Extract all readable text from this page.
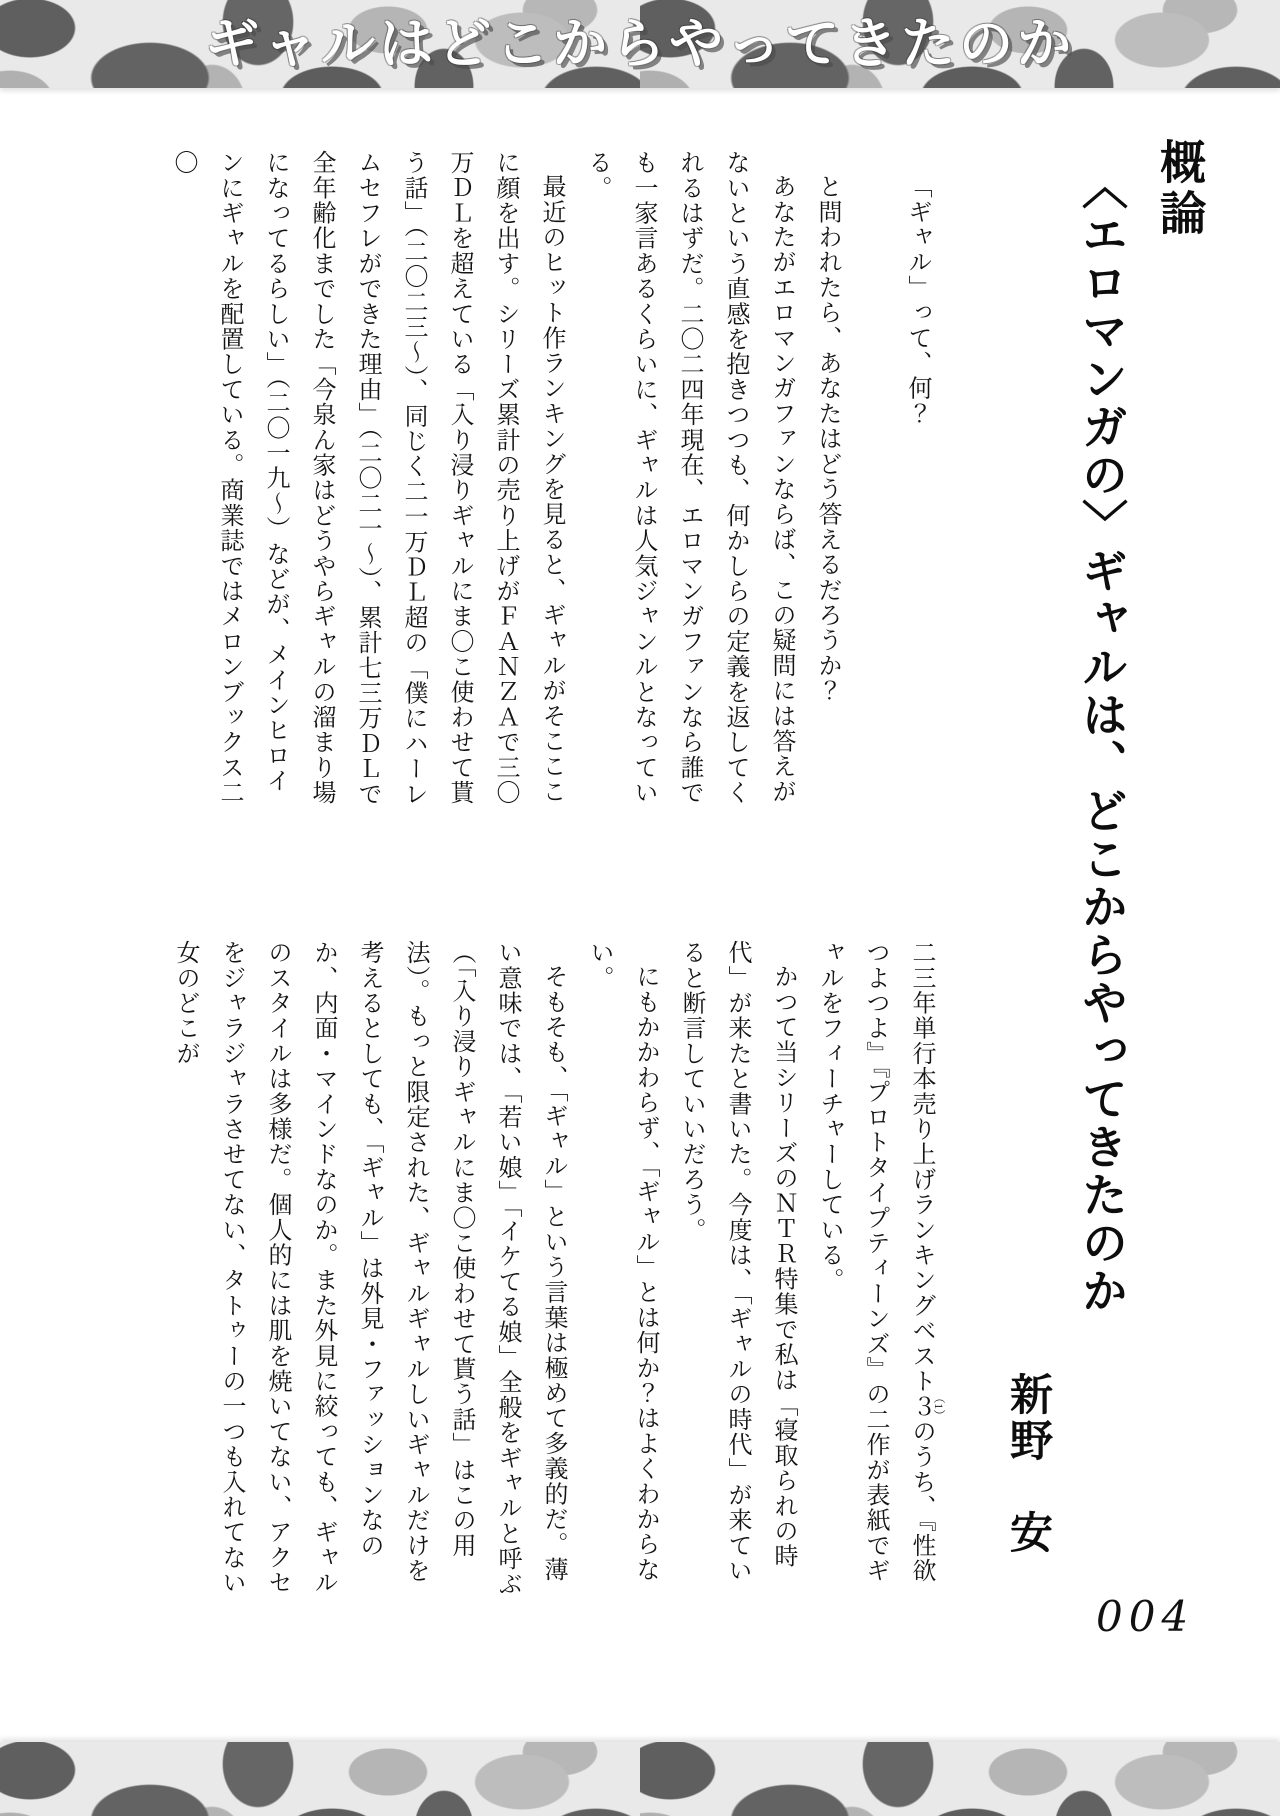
ギャルはどこからやってきたのか
概論
〈エロマンガの〉ギャルは、どこからやってきたのか
新野　安

「ギャル」って、何？

と問われたら、あなたはどう答えるだろうか？

あなたがエロマンガファンならば、この疑問には答えがないという直感を抱きつつも、何かしらの定義を返してくれるはずだ。二〇二四年現在、エロマンガファンなら誰でも一家言あるくらいに、ギャルは人気ジャンルとなっている。

最近のヒット作ランキングを見ると、ギャルがそこここに顔を出す。シリーズ累計の売り上げがＦＡＮＺＡで三〇万ＤＬを超えている「入り浸りギャルにま〇こ使わせて貰う話」（二〇二三～）、同じく二一万ＤＬ超の「僕にハーレムセフレができた理由」（二〇二一～）、累計七三万ＤＬで全年齢化までした「今泉ん家はどうやらギャルの溜まり場になってるらしい」（二〇一九～）などが、メインヒロインにギャルを配置している。商業誌ではメロンブックス二〇

二三年単行本売り上げランキングベスト３（1）のうち、『性欲つよつよ』『プロトタイプティーンズ』の二作が表紙でギャルをフィーチャーしている。

かつて当シリーズのＮＴＲ特集で私は「寝取られの時代」が来たと書いた。今度は、「ギャルの時代」が来ていると断言していいだろう。

にもかかわらず、「ギャル」とは何か？はよくわからない。

そもそも、「ギャル」という言葉は極めて多義的だ。薄い意味では、「若い娘」「イケてる娘」全般をギャルと呼ぶ（「入り浸りギャルにま〇こ使わせて貰う話」はこの用法）。もっと限定された、ギャルギャルしいギャルだけを考えるとしても、「ギャル」は外見・ファッションなのか、内面・マインドなのか。また外見に絞っても、ギャルのスタイルは多様だ。個人的には肌を焼いてない、アクセをジャラジャラさせてない、タトゥーの一つも入れてない女のどこが

004
